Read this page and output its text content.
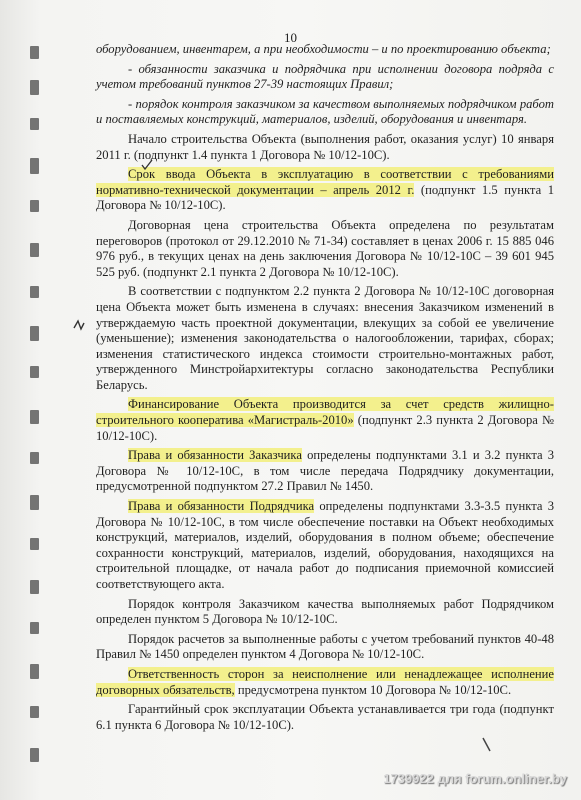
10

оборудованием, инвентарем, а при необходимости – и по проектированию объекта;

- обязанности заказчика и подрядчика при исполнении договора подряда с учетом требований пунктов 27-39 настоящих Правил;

- порядок контроля заказчиком за качеством выполняемых подрядчиком работ и поставляемых конструкций, материалов, изделий, оборудования и инвентаря.

Начало строительства Объекта (выполнения работ, оказания услуг) 10 января 2011 г. (подпункт 1.4 пункта 1 Договора № 10/12-10С).

Срок ввода Объекта в эксплуатацию в соответствии с требованиями нормативно-технической документации – апрель 2012 г. (подпункт 1.5 пункта 1 Договора № 10/12-10С).

Договорная цена строительства Объекта определена по результатам переговоров (протокол от 29.12.2010 № 71-34) составляет в ценах 2006 г. 15 885 046 976 руб., в текущих ценах на день заключения Договора № 10/12-10С – 39 601 945 525 руб. (подпункт 2.1 пункта 2 Договора № 10/12-10С).

В соответствии с подпунктом 2.2 пункта 2 Договора № 10/12-10С договорная цена Объекта может быть изменена в случаях: внесения Заказчиком изменений в утверждаемую часть проектной документации, влекущих за собой ее увеличение (уменьшение); изменения законодательства о налогообложении, тарифах, сборах; изменения статистического индекса стоимости строительно-монтажных работ, утвержденного Минстройархитектуры согласно законодательства Республики Беларусь.

Финансирование Объекта производится за счет средств жилищно-строительного кооператива «Магистраль-2010» (подпункт 2.3 пункта 2 Договора № 10/12-10С).

Права и обязанности Заказчика определены подпунктами 3.1 и 3.2 пункта 3 Договора № 10/12-10С, в том числе передача Подрядчику документации, предусмотренной подпунктом 27.2 Правил № 1450.

Права и обязанности Подрядчика определены подпунктами 3.3-3.5 пункта 3 Договора № 10/12-10С, в том числе обеспечение поставки на Объект необходимых конструкций, материалов, изделий, оборудования в полном объеме; обеспечение сохранности конструкций, материалов, изделий, оборудования, находящихся на строительной площадке, от начала работ до подписания приемочной комиссией соответствующего акта.

Порядок контроля Заказчиком качества выполняемых работ Подрядчиком определен пунктом 5 Договора № 10/12-10С.

Порядок расчетов за выполненные работы с учетом требований пунктов 40-48 Правил № 1450 определен пунктом 4 Договора № 10/12-10С.

Ответственность сторон за неисполнение или ненадлежащее исполнение договорных обязательств, предусмотрена пунктом 10 Договора № 10/12-10С.

Гарантийный срок эксплуатации Объекта устанавливается три года (подпункт 6.1 пункта 6 Договора № 10/12-10С).

1739922 для forum.onliner.by
